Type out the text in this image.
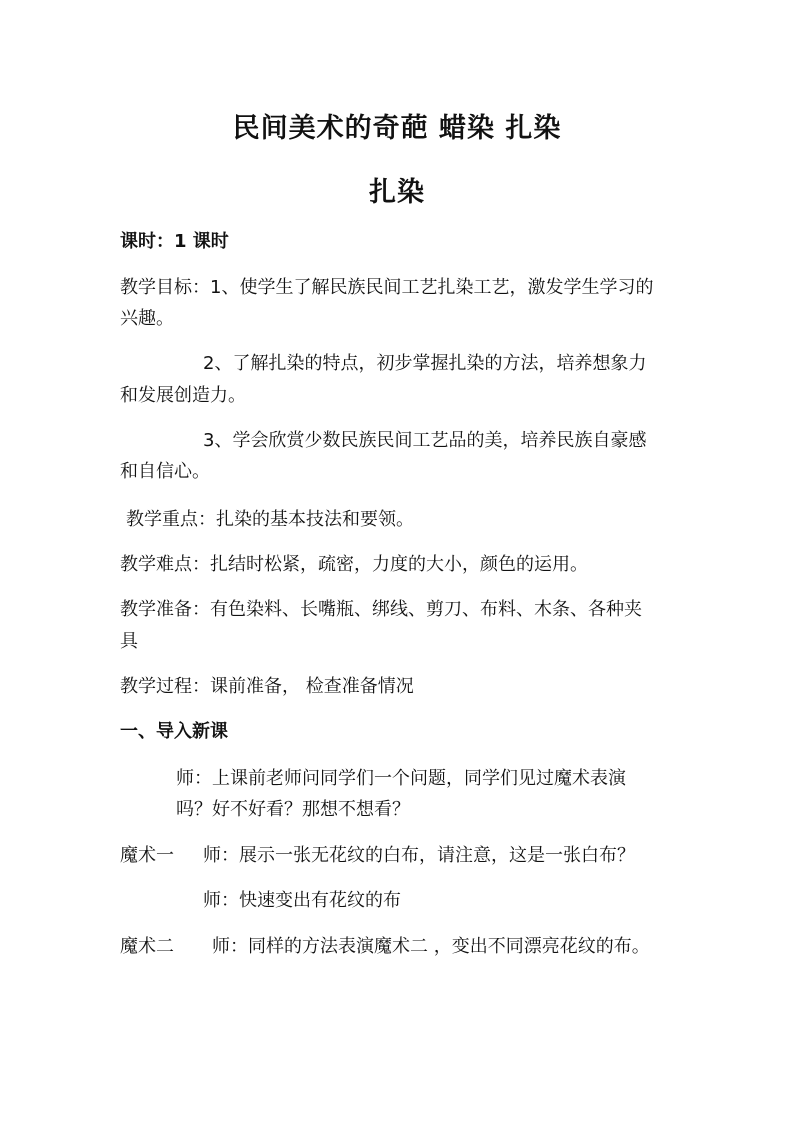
民间美术的奇葩 蜡染 扎染
扎染
课时：1 课时
教学目标：1、使学生了解民族民间工艺扎染工艺，激发学生学习的
兴趣。
2、了解扎染的特点，初步掌握扎染的方法，培养想象力
和发展创造力。
3、学会欣赏少数民族民间工艺品的美，培养民族自豪感
和自信心。
教学重点：扎染的基本技法和要领。
教学难点：扎结时松紧，疏密，力度的大小，颜色的运用。
教学准备：有色染料、长嘴瓶、绑线、剪刀、布料、木条、各种夹
具
教学过程：课前准备， 检查准备情况
一、导入新课
师：上课前老师问同学们一个问题，同学们见过魔术表演
吗？好不好看？那想不想看？
魔术一 师：展示一张无花纹的白布，请注意，这是一张白布？
师：快速变出有花纹的布
魔术二 师：同样的方法表演魔术二 ，变出不同漂亮花纹的布。
